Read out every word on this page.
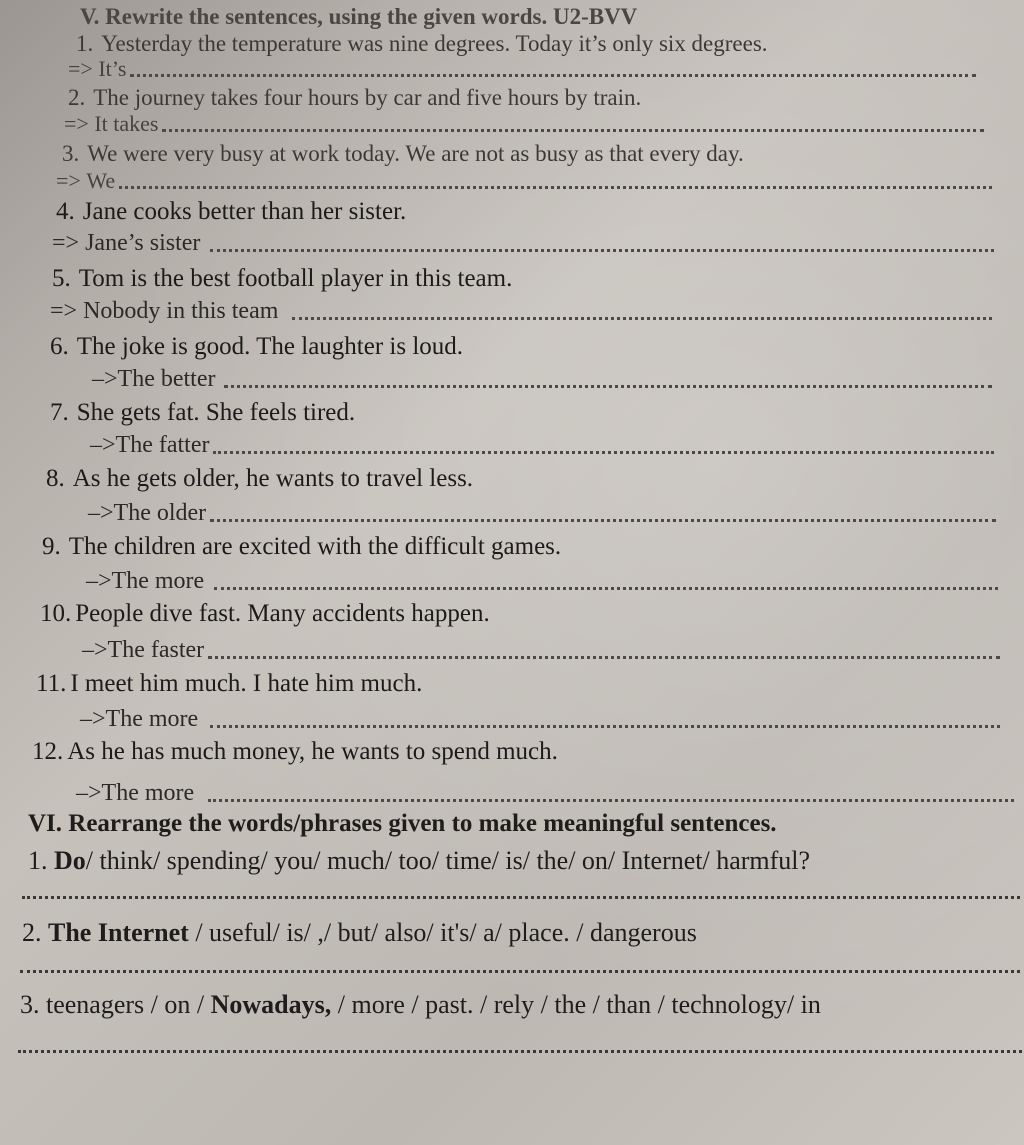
V. Rewrite the sentences, using the given words. U2-BVV
1. Yesterday the temperature was nine degrees. Today it’s only six degrees.
=>
It’s
2. The journey takes four hours by car and five hours by train.
=>
It takes
3. We were very busy at work today. We are not as busy as that every day.
=>
We
4. Jane cooks better than her sister.
=>
Jane’s sister
5. Tom is the best football player in this team.
=>
Nobody in this team
6. The joke is good. The laughter is loud.
–> The better
7. She gets fat. She feels tired.
–> The fatter
8. As he gets older, he wants to travel less.
–> The older
9. The children are excited with the difficult games.
–> The more
10. People dive fast. Many accidents happen.
–> The faster
11. I meet him much. I hate him much.
–> The more
12. As he has much money, he wants to spend much.
–> The more
VI. Rearrange the words/phrases given to make meaningful sentences.
1. Do/ think/ spending/ you/ much/ too/ time/ is/ the/ on/ Internet/ harmful?
2. The Internet / useful/ is/ ,/ but/ also/ it's/ a/ place. / dangerous
3. teenagers / on / Nowadays, / more / past. / rely / the / than / technology/ in
